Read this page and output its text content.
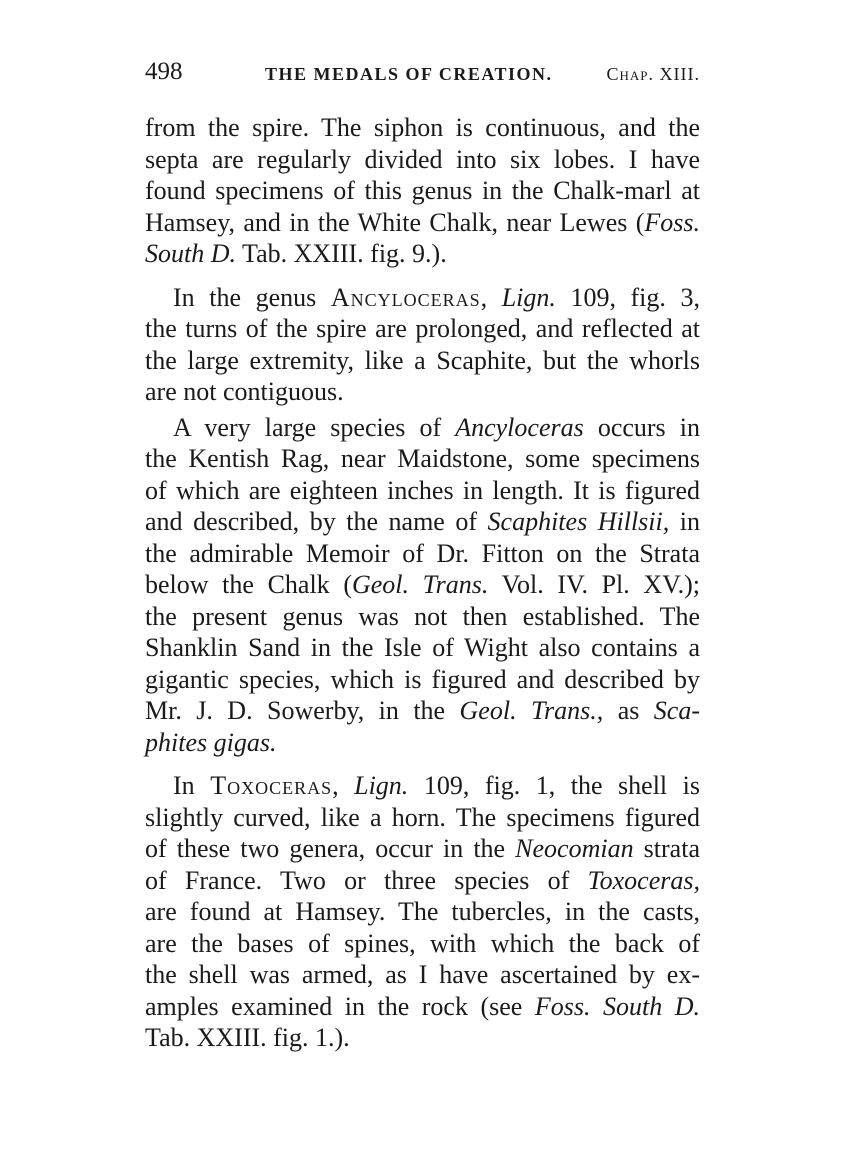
498	THE MEDALS OF CREATION.	Chap. XIII.
from the spire. The siphon is continuous, and the
septa are regularly divided into six lobes. I have
found specimens of this genus in the Chalk-marl at
Hamsey, and in the White Chalk, near Lewes (Foss.
South D. Tab. XXIII. fig. 9.).
In the genus Ancyloceras, Lign. 109, fig. 3,
the turns of the spire are prolonged, and reflected at
the large extremity, like a Scaphite, but the whorls
are not contiguous.
A very large species of Ancyloceras occurs in
the Kentish Rag, near Maidstone, some specimens
of which are eighteen inches in length. It is figured
and described, by the name of Scaphites Hillsii, in
the admirable Memoir of Dr. Fitton on the Strata
below the Chalk (Geol. Trans. Vol. IV. Pl. XV.);
the present genus was not then established. The
Shanklin Sand in the Isle of Wight also contains a
gigantic species, which is figured and described by
Mr. J. D. Sowerby, in the Geol. Trans., as Sca-
phites gigas.
In Toxoceras, Lign. 109, fig. 1, the shell is
slightly curved, like a horn. The specimens figured
of these two genera, occur in the Neocomian strata
of France. Two or three species of Toxoceras,
are found at Hamsey. The tubercles, in the casts,
are the bases of spines, with which the back of
the shell was armed, as I have ascertained by ex-
amples examined in the rock (see Foss. South D.
Tab. XXIII. fig. 1.).
